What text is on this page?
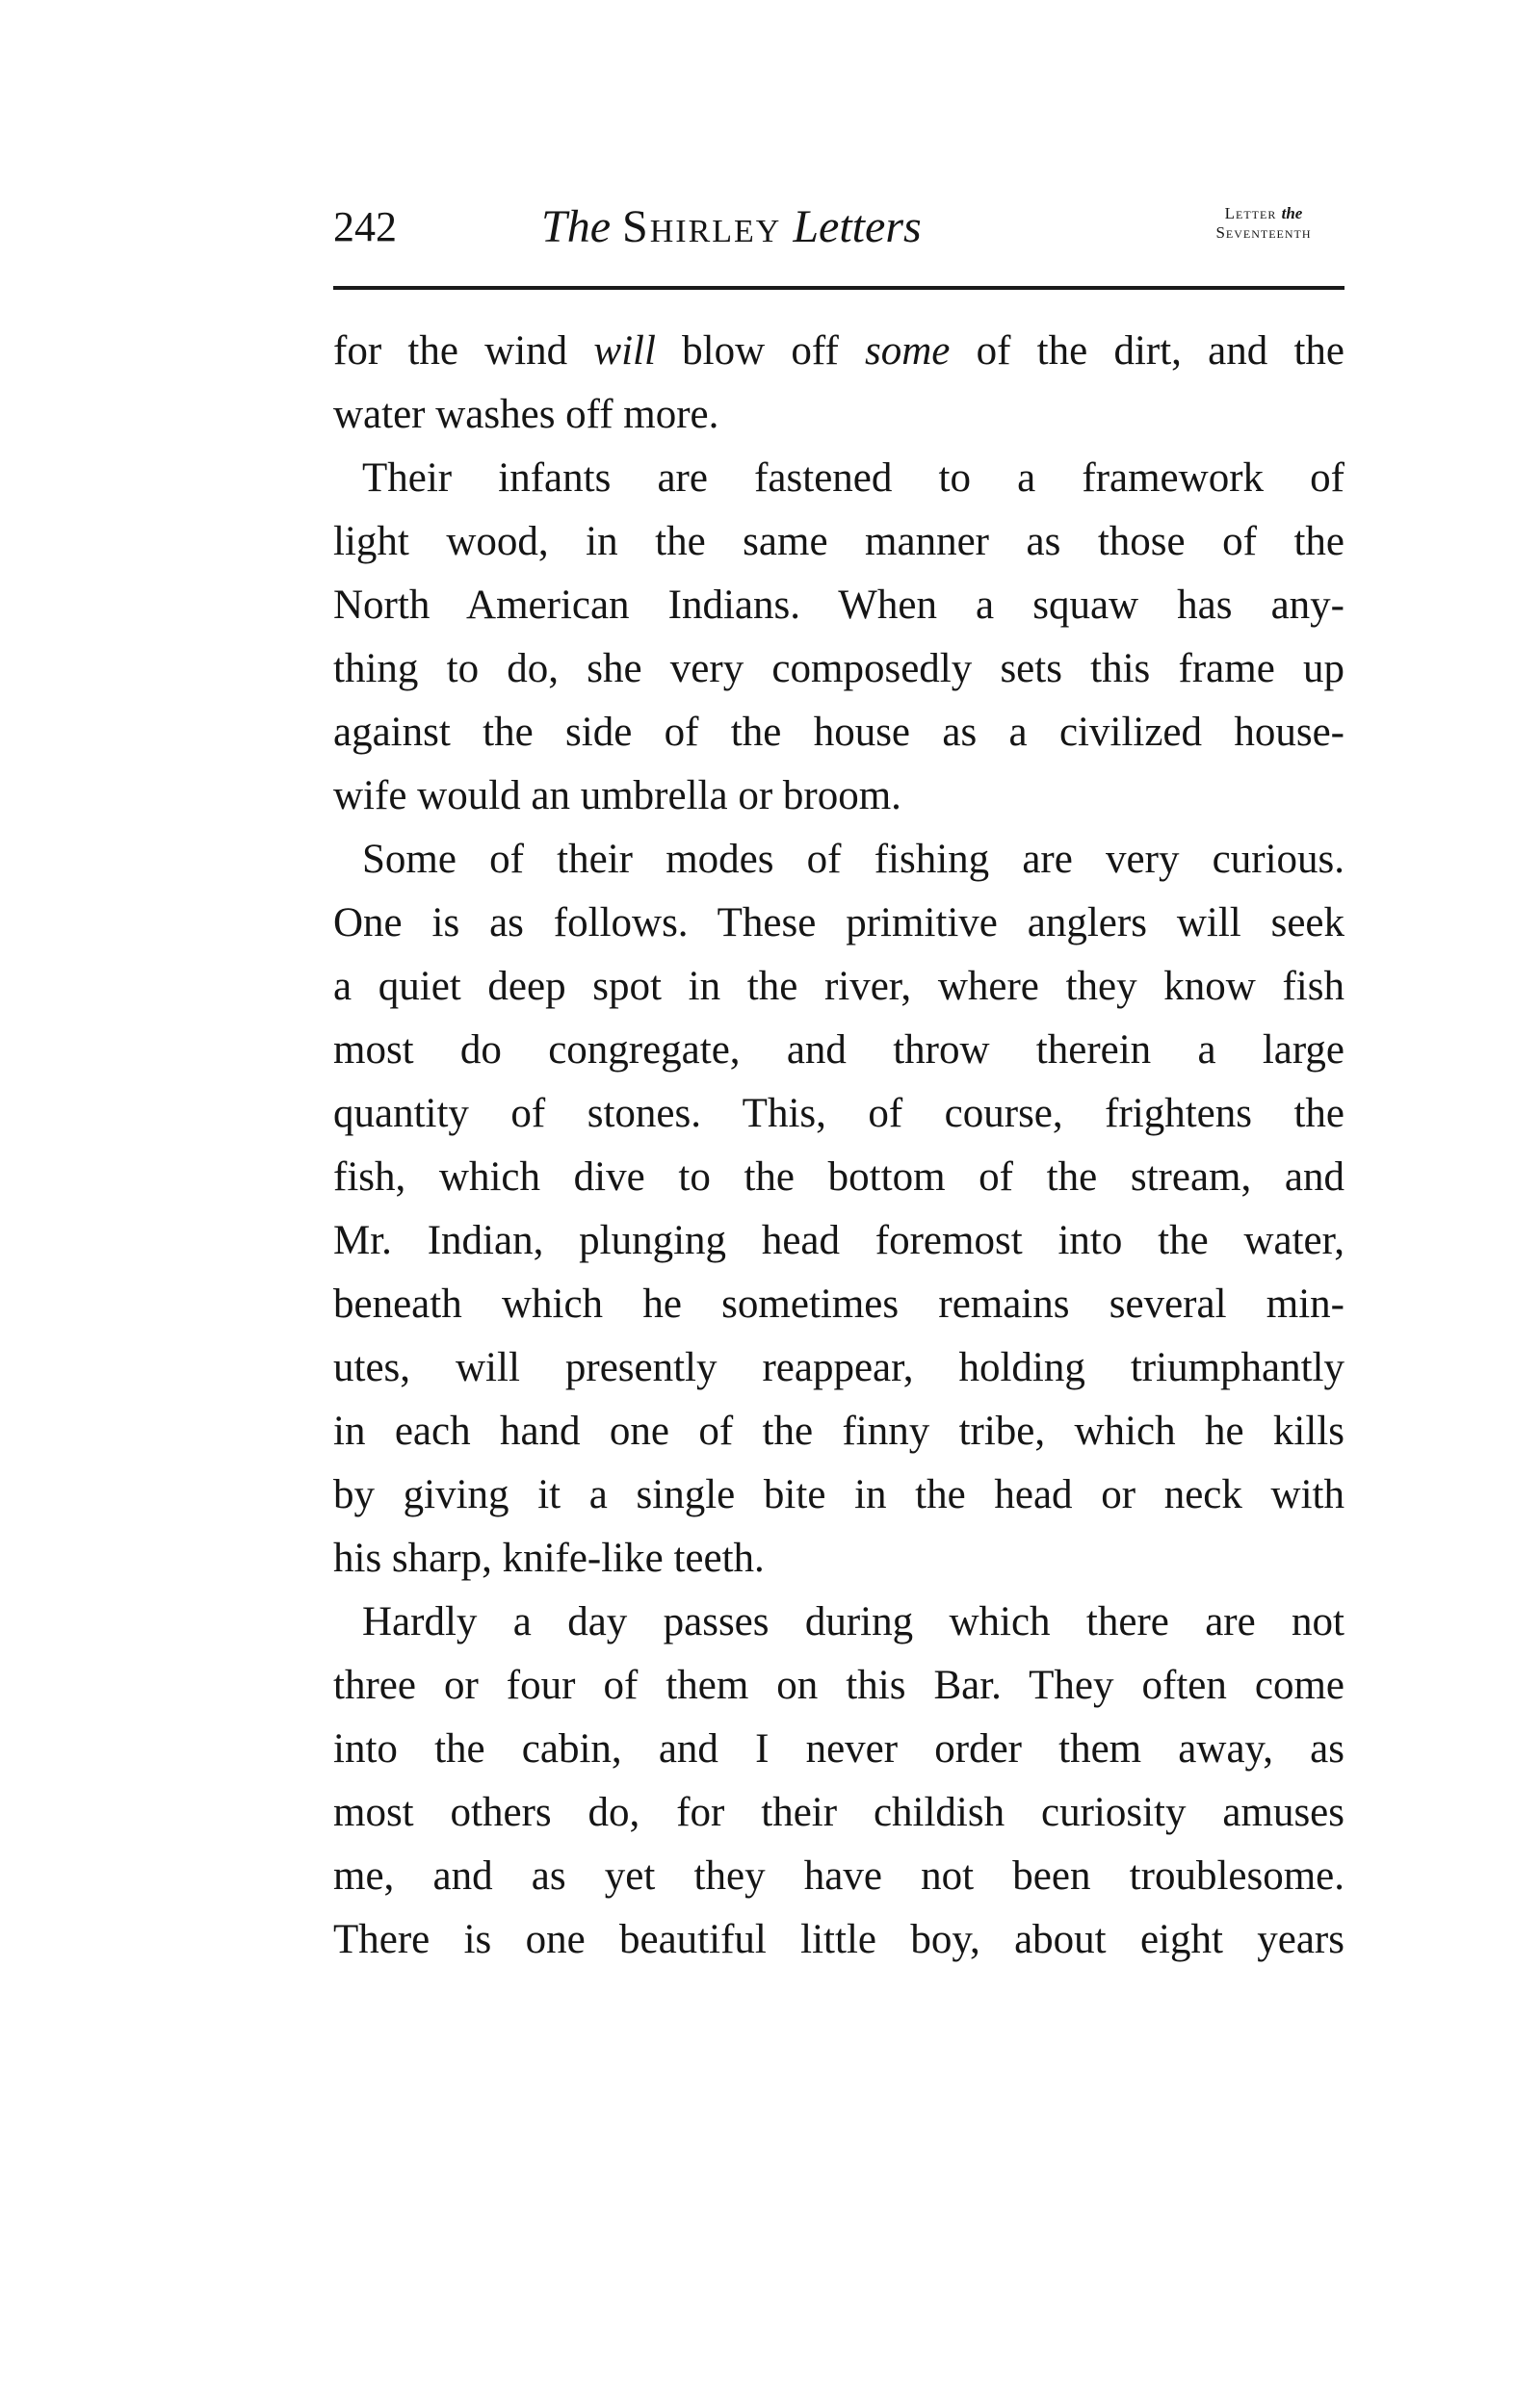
242	The Shirley Letters	Letter the
Seventeenth
for the wind will blow off some of the dirt, and the
water washes off more.
Their infants are fastened to a framework of
light wood, in the same manner as those of the
North American Indians. When a squaw has any-
thing to do, she very composedly sets this frame up
against the side of the house as a civilized house-
wife would an umbrella or broom.
Some of their modes of fishing are very curious.
One is as follows. These primitive anglers will seek
a quiet deep spot in the river, where they know fish
most do congregate, and throw therein a large
quantity of stones. This, of course, frightens the
fish, which dive to the bottom of the stream, and
Mr. Indian, plunging head foremost into the water,
beneath which he sometimes remains several min-
utes, will presently reappear, holding triumphantly
in each hand one of the finny tribe, which he kills
by giving it a single bite in the head or neck with
his sharp, knife-like teeth.
Hardly a day passes during which there are not
three or four of them on this Bar. They often come
into the cabin, and I never order them away, as
most others do, for their childish curiosity amuses
me, and as yet they have not been troublesome.
There is one beautiful little boy, about eight years
